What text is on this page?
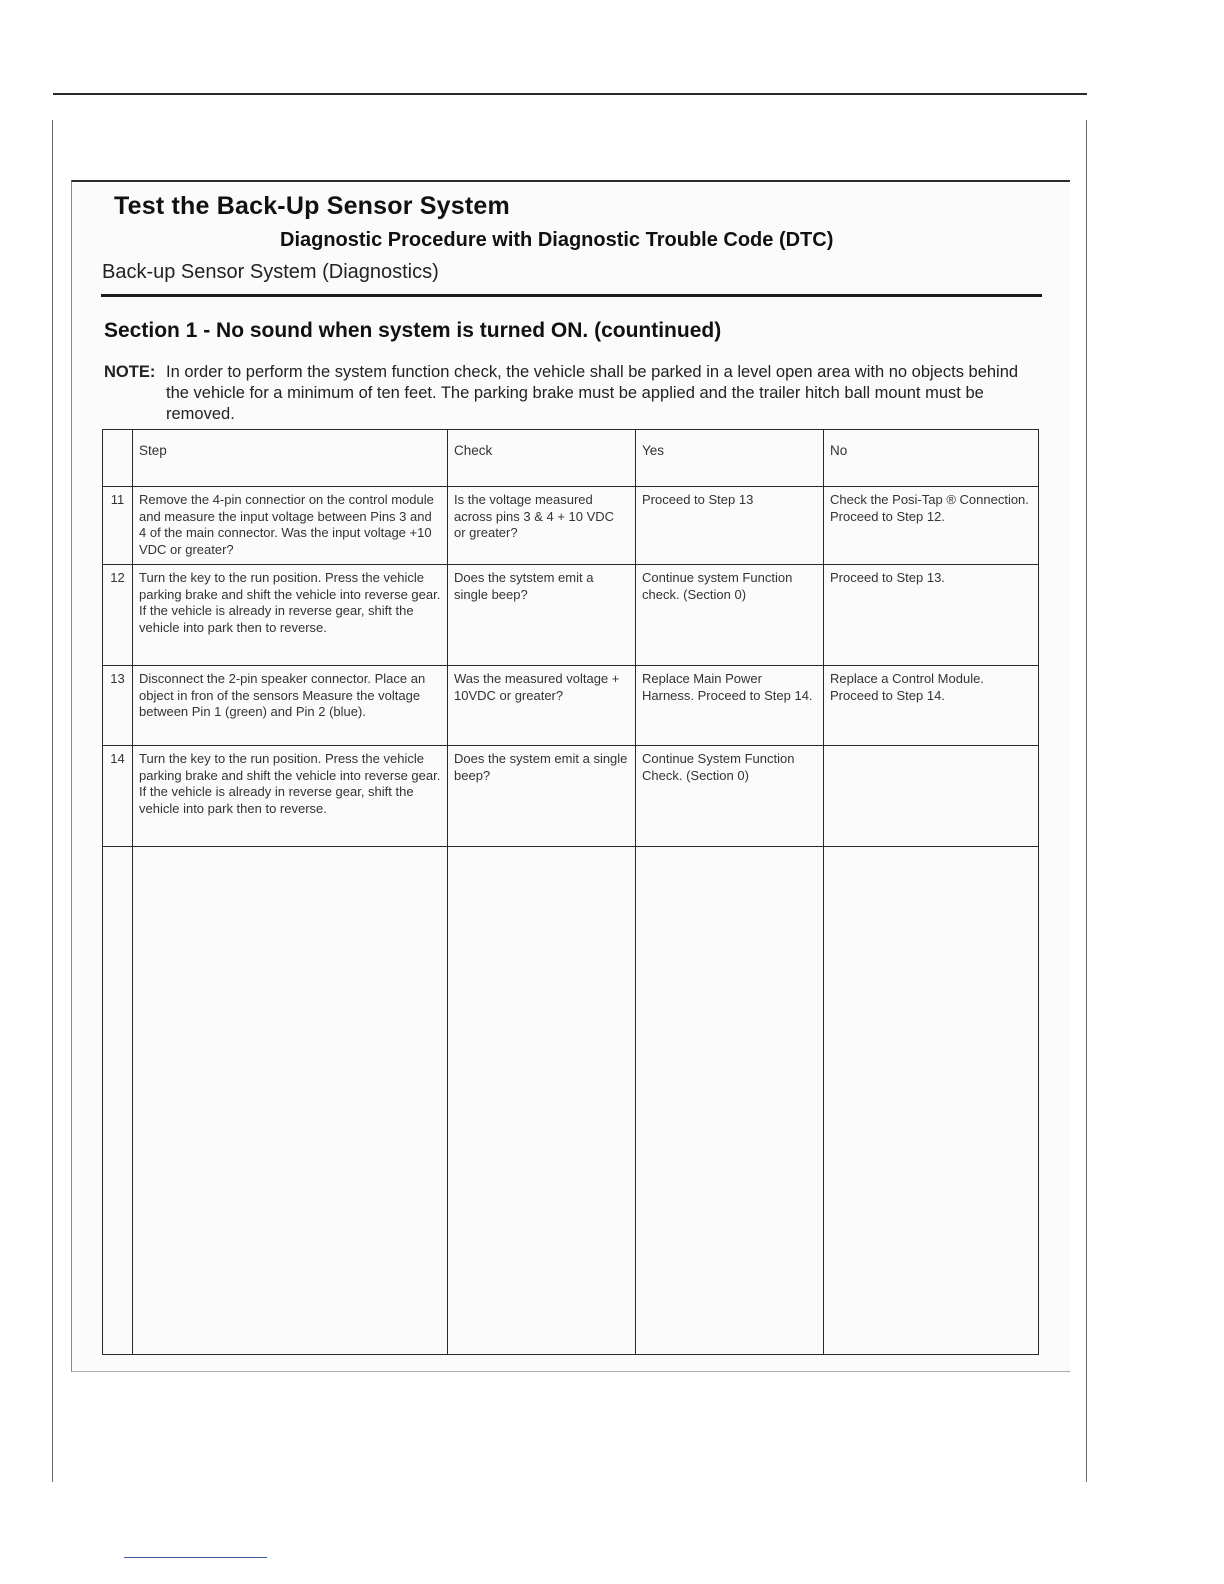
Test the Back-Up Sensor System
Diagnostic Procedure with Diagnostic Trouble Code (DTC)
Back-up Sensor System (Diagnostics)
Section 1 - No sound when system is turned ON. (countinued)
NOTE: In order to perform the system function check, the vehicle shall be parked in a level open area with no objects behind the vehicle for a minimum of ten feet. The parking brake must be applied and the trailer hitch ball mount must be removed.
	Step	Check	Yes	No
11	Remove the 4-pin connectior on the control module and measure the input voltage between Pins 3 and 4 of the main connector. Was the input voltage +10 VDC or greater?	Is the voltage measured across pins 3 & 4 + 10 VDC or greater?	Proceed to Step 13	Check the Posi-Tap ® Connection. Proceed to Step 12.
12	Turn the key to the run position. Press the vehicle parking brake and shift the vehicle into reverse gear. If the vehicle is already in reverse gear, shift the vehicle into park then to reverse.	Does the sytstem emit a single beep?	Continue system Function check. (Section 0)	Proceed to Step 13.
13	Disconnect the 2-pin speaker connector. Place an object in fron of the sensors Measure the voltage between Pin 1 (green) and Pin 2 (blue).	Was the measured voltage + 10VDC or greater?	Replace Main Power Harness. Proceed to Step 14.	Replace a Control Module. Proceed to Step 14.
14	Turn the key to the run position. Press the vehicle parking brake and shift the vehicle into reverse gear. If the vehicle is already in reverse gear, shift the vehicle into park then to reverse.	Does the system emit a single beep?	Continue System Function Check. (Section 0)	
